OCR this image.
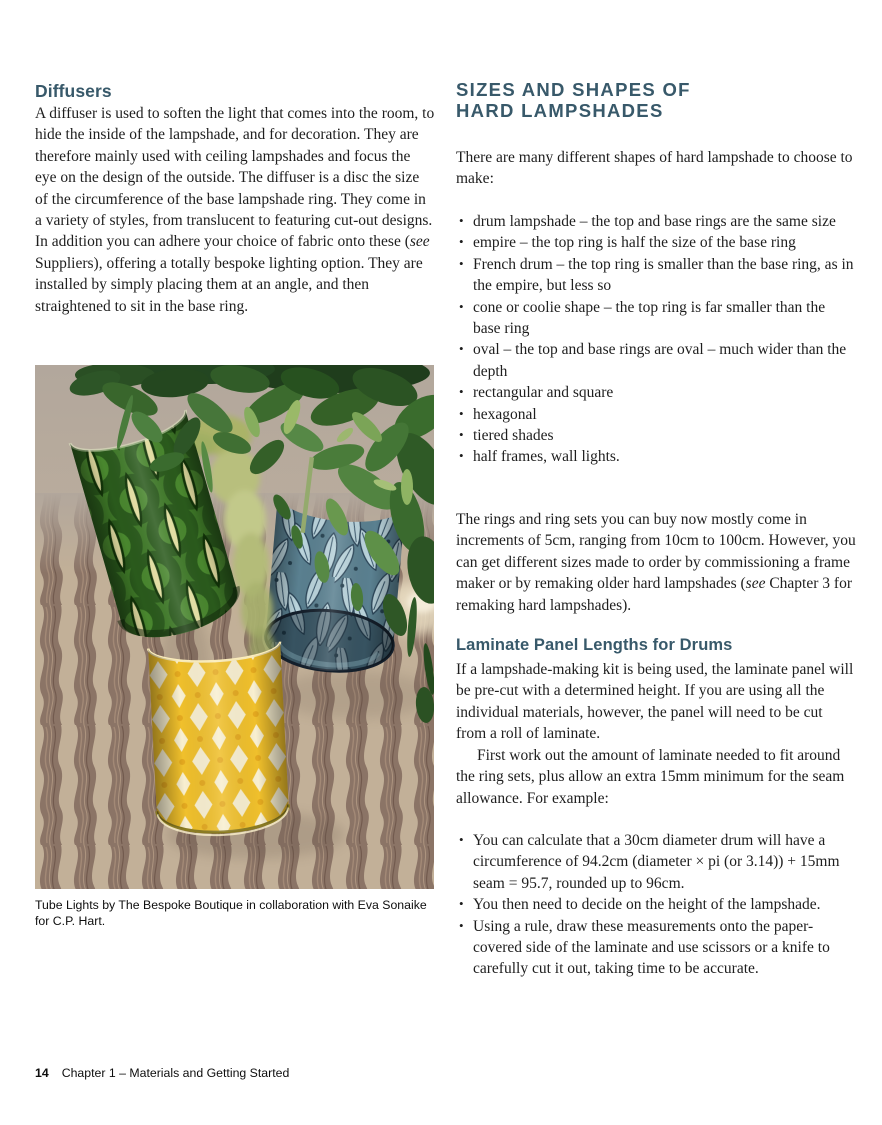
Diffusers

A diffuser is used to soften the light that comes into the room, to hide the inside of the lampshade, and for decoration. They are therefore mainly used with ceiling lampshades and focus the eye on the design of the outside. The diffuser is a disc the size of the circumference of the base lampshade ring. They come in a variety of styles, from translucent to featuring cut-out designs. In addition you can adhere your choice of fabric onto these (see Suppliers), offering a totally bespoke lighting option. They are installed by simply placing them at an angle, and then straightened to sit in the base ring.

Tube Lights by The Bespoke Boutique in collaboration with Eva Sonaike for C.P. Hart.
SIZES AND SHAPES OF
HARD LAMPSHADES

There are many different shapes of hard lampshade to choose to make:

• drum lampshade – the top and base rings are the same size
• empire – the top ring is half the size of the base ring
• French drum – the top ring is smaller than the base ring, as in the empire, but less so
• cone or coolie shape – the top ring is far smaller than the base ring
• oval – the top and base rings are oval – much wider than the depth
• rectangular and square
• hexagonal
• tiered shades
• half frames, wall lights.

The rings and ring sets you can buy now mostly come in increments of 5cm, ranging from 10cm to 100cm. However, you can get different sizes made to order by commissioning a frame maker or by remaking older hard lampshades (see Chapter 3 for remaking hard lampshades).

Laminate Panel Lengths for Drums

If a lampshade-making kit is being used, the laminate panel will be pre-cut with a determined height. If you are using all the individual materials, however, the panel will need to be cut from a roll of laminate.

First work out the amount of laminate needed to fit around the ring sets, plus allow an extra 15mm minimum for the seam allowance. For example:

• You can calculate that a 30cm diameter drum will have a circumference of 94.2cm (diameter × pi (or 3.14)) + 15mm seam = 95.7, rounded up to 96cm.
• You then need to decide on the height of the lampshade.
• Using a rule, draw these measurements onto the paper-covered side of the laminate and use scissors or a knife to carefully cut it out, taking time to be accurate.
14 Chapter 1 – Materials and Getting Started
